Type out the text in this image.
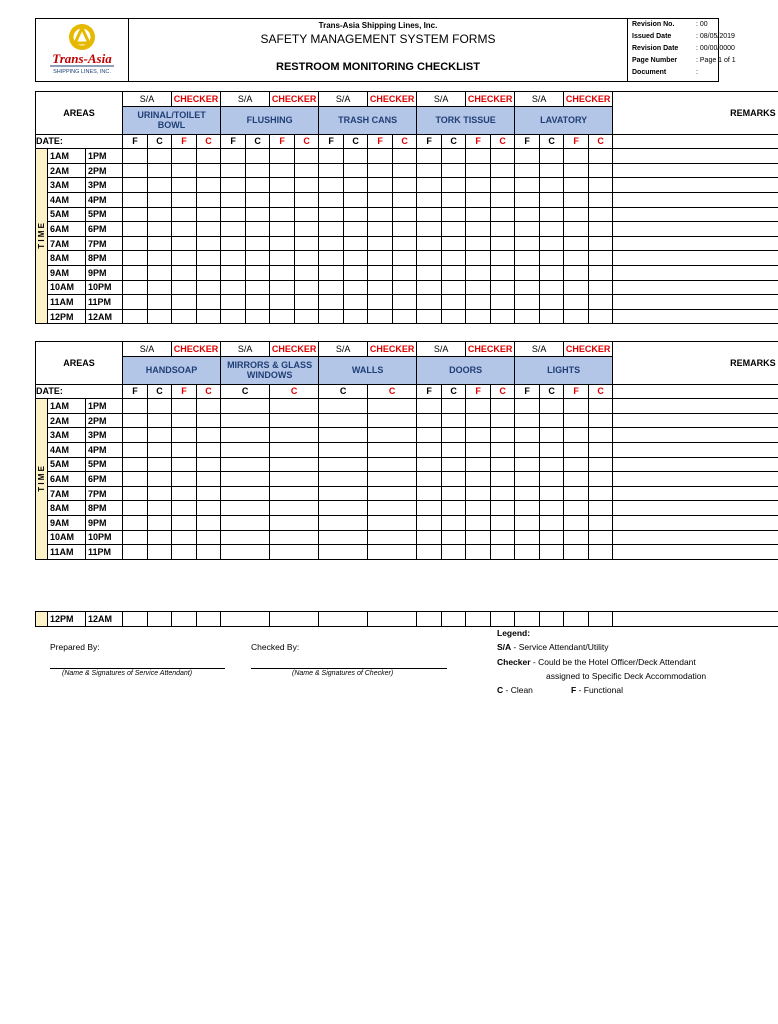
Trans-Asia
SHIPPING LINES, INC.
Trans-Asia Shipping Lines, Inc.
SAFETY MANAGEMENT SYSTEM FORMS
RESTROOM MONITORING CHECKLIST
Revision No.	: 00
Issued Date	: 08/05/2019
Revision Date	: 00/00/0000
Page Number	: Page 1 of 1
Document	:
AREAS			S/A		CHECKER		S/A		CHECKER		S/A		CHECKER		S/A		CHECKER		S/A		CHECKER		REMARKS
			URINAL/TOILET BOWL				FLUSHING				TRASH CANS				TORK TISSUE				LAVATORY				
DATE:			F	C	F	C	F	C	F	C	F	C	F	C	F	C	F	C	F	C	F	C	

T I M E	1AM	1PM																					
	2AM	2PM																					
	3AM	3PM																					
	4AM	4PM																					
	5AM	5PM																					
	6AM	6PM																					
	7AM	7PM																					
	8AM	8PM																					
	9AM	9PM																					
	10AM	10PM																					
	11AM	11PM																					
	12PM	12AM																					
AREAS			S/A		CHECKER		S/A	CHECKER	S/A	CHECKER	S/A		CHECKER		S/A		CHECKER		REMARKS
			HANDSOAP				MIRRORS & GLASS WINDOWS		WALLS		DOORS				LIGHTS				
DATE:			F	C	F	C	C	C	C	C	F	C	F	C	F	C	F	C	

T I M E	1AM	1PM																	
	2AM	2PM																	
	3AM	3PM																	
	4AM	4PM																	
	5AM	5PM																	
	6AM	6PM																	
	7AM	7PM																	
	8AM	8PM																	
	9AM	9PM																	
	10AM	10PM																	
	11AM	11PM																	
	12PM	12AM																	
Prepared By:
(Name & Signatures of Service Attendant)
Checked By:
(Name & Signatures of Checker)
Legend:
S/A - Service Attendant/Utility
Checker - Could be the Hotel Officer/Deck Attendant
assigned to Specific Deck Accommodation
C - Clean	F - Functional
